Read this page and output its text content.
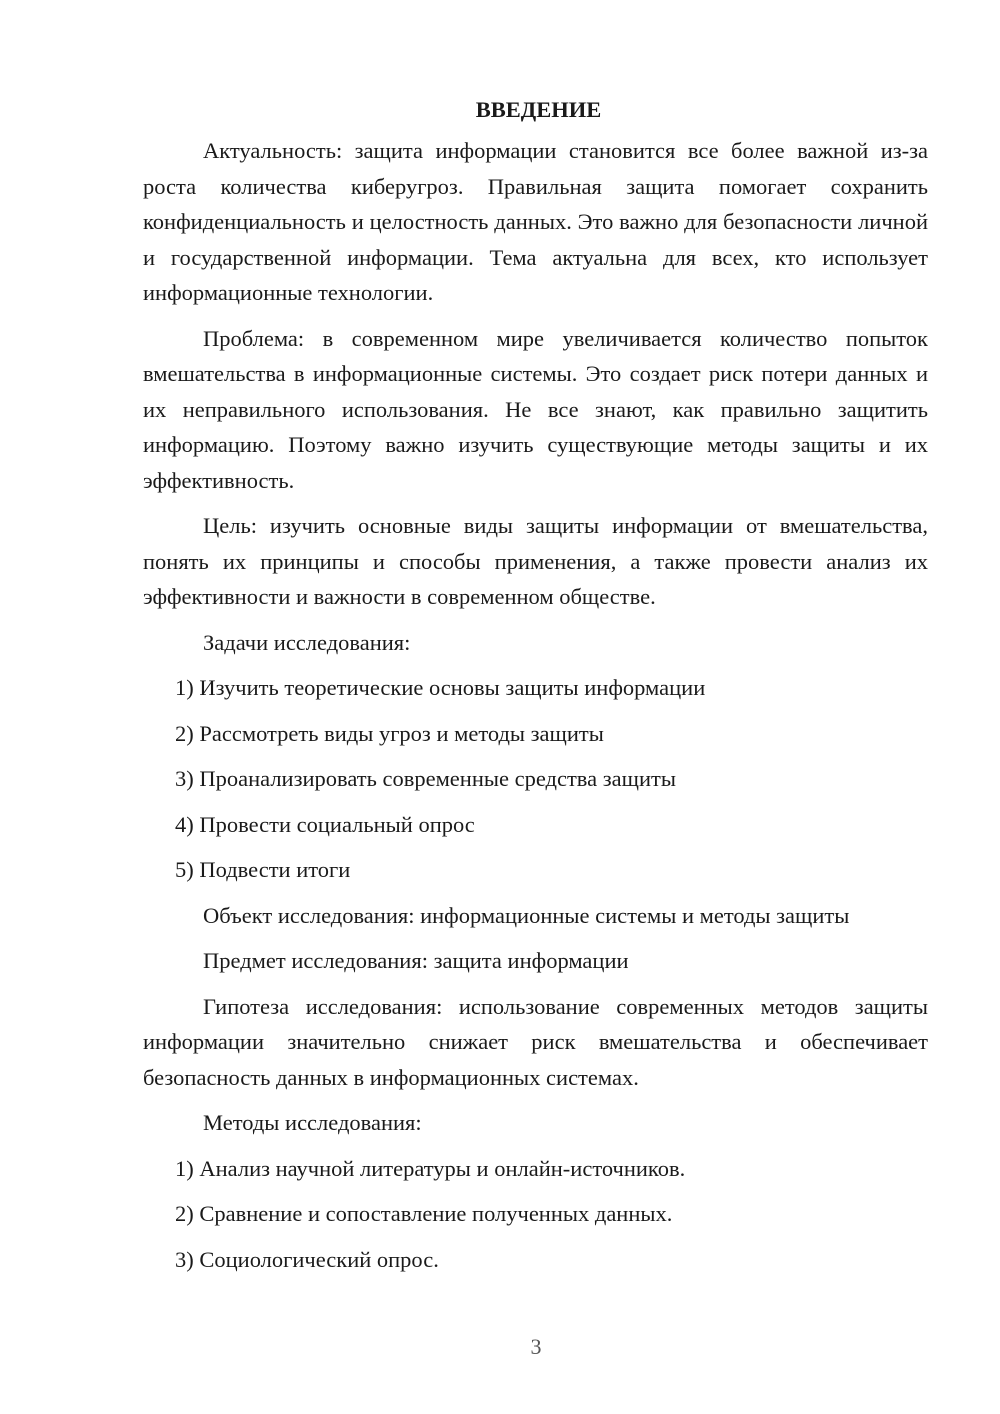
ВВЕДЕНИЕ

Актуальность: защита информации становится все более важной из-за роста количества киберугроз. Правильная защита помогает сохранить конфиденциальность и целостность данных. Это важно для безопасности личной и государственной информации. Тема актуальна для всех, кто использует информационные технологии.

Проблема: в современном мире увеличивается количество попыток вмешательства в информационные системы. Это создает риск потери данных и их неправильного использования. Не все знают, как правильно защитить информацию. Поэтому важно изучить существующие методы защиты и их эффективность.

Цель: изучить основные виды защиты информации от вмешательства, понять их принципы и способы применения, а также провести анализ их эффективности и важности в современном обществе.

Задачи исследования:

1) Изучить теоретические основы защиты информации

2) Рассмотреть виды угроз и методы защиты

3) Проанализировать современные средства защиты

4) Провести социальный опрос

5) Подвести итоги

Объект исследования: информационные системы и методы защиты

Предмет исследования: защита информации

Гипотеза исследования: использование современных методов защиты информации значительно снижает риск вмешательства и обеспечивает безопасность данных в информационных системах.

Методы исследования:

1) Анализ научной литературы и онлайн-источников.

2) Сравнение и сопоставление полученных данных.

3) Социологический опрос.

3
